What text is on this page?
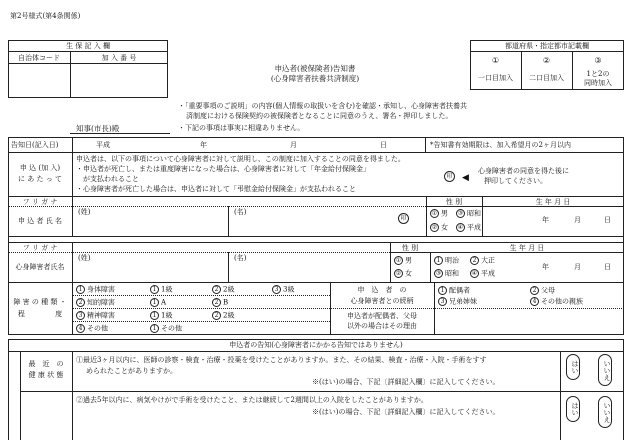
第2号様式(第4条関係)
生 保 記 入 欄
自治体コード	加 入 番 号
申込者(被保険者)告知書
(心身障害者扶養共済制度)
都道府県・指定都市記載欄
①	②	③
一口目加入	二口目加入	1と2の
同時加入
・「重要事項のご説明」の内容(個人情報の取扱いを含む)を確認・承知し、心身障害者扶養共
済制度における保険契約の被保険者となることに同意のうえ、署名・押印しました。
・下記の事項は事実に相違ありません。
知事(市長)殿
告知日(記入日)	平成	年	月	日	*告知書有効期限は、加入希望月の2ヶ月以内
申 込 (加 入)
に あ た っ て
申込者は、以下の事項について心身障害者に対して説明し、この制度に加入することの同意を得ました。
・申込者が死亡し、または重度障害になった場合は、心身障害者に対して「年金給付保険金」
　が支払われること
・心身障害者が死亡した場合は、申込者に対して「弔慰金給付保険金」が支払われること
印 ◀
心身障害者の同意を得た後に
押印してください。
フ リ ガ ナ
申 込 者 氏 名
(姓)	(名)
印
性 別	生 年 月 日
① 男
② 女
③ 昭和
④ 平成
年	月	日
フ リ ガ ナ
心身障害者氏名
(姓)	(名)
性 別	生 年 月 日
① 男
② 女
1 明治	2 大正
③ 昭和 ④ 平成
年	月	日
障 害 の 種 類 ・
程　　　　 度
1 身体障害	1 1級	2 2級	3 3級
2 知的障害	1 A	2 B
3 精神障害	1 1級	2 2級
4 その他	1 その他
申　込　者　の
心身障害者との続柄
申込者が配偶者、父母
以外の場合はその理由
1 配偶者	2 父母
3 兄弟姉妹	4 その他の親族
申込者の告知(心身障害者にかかる告知ではありません)
最　近　の
健 康 状 態
①最近3ヶ月以内に、医師の診察・検査・治療・投薬を受けたことがありますか。また、その結果、検査・治療・入院・手術をすす
められたことがありますか。
※(はい)の場合、下記〔詳細記入欄〕に記入してください。
はい	いいえ
②過去5年以内に、病気やけがで手術を受けたこと、または継続して2週間以上の入院をしたことがありますか。
※(はい)の場合、下記〔詳細記入欄〕に記入してください。	はい	いいえ
